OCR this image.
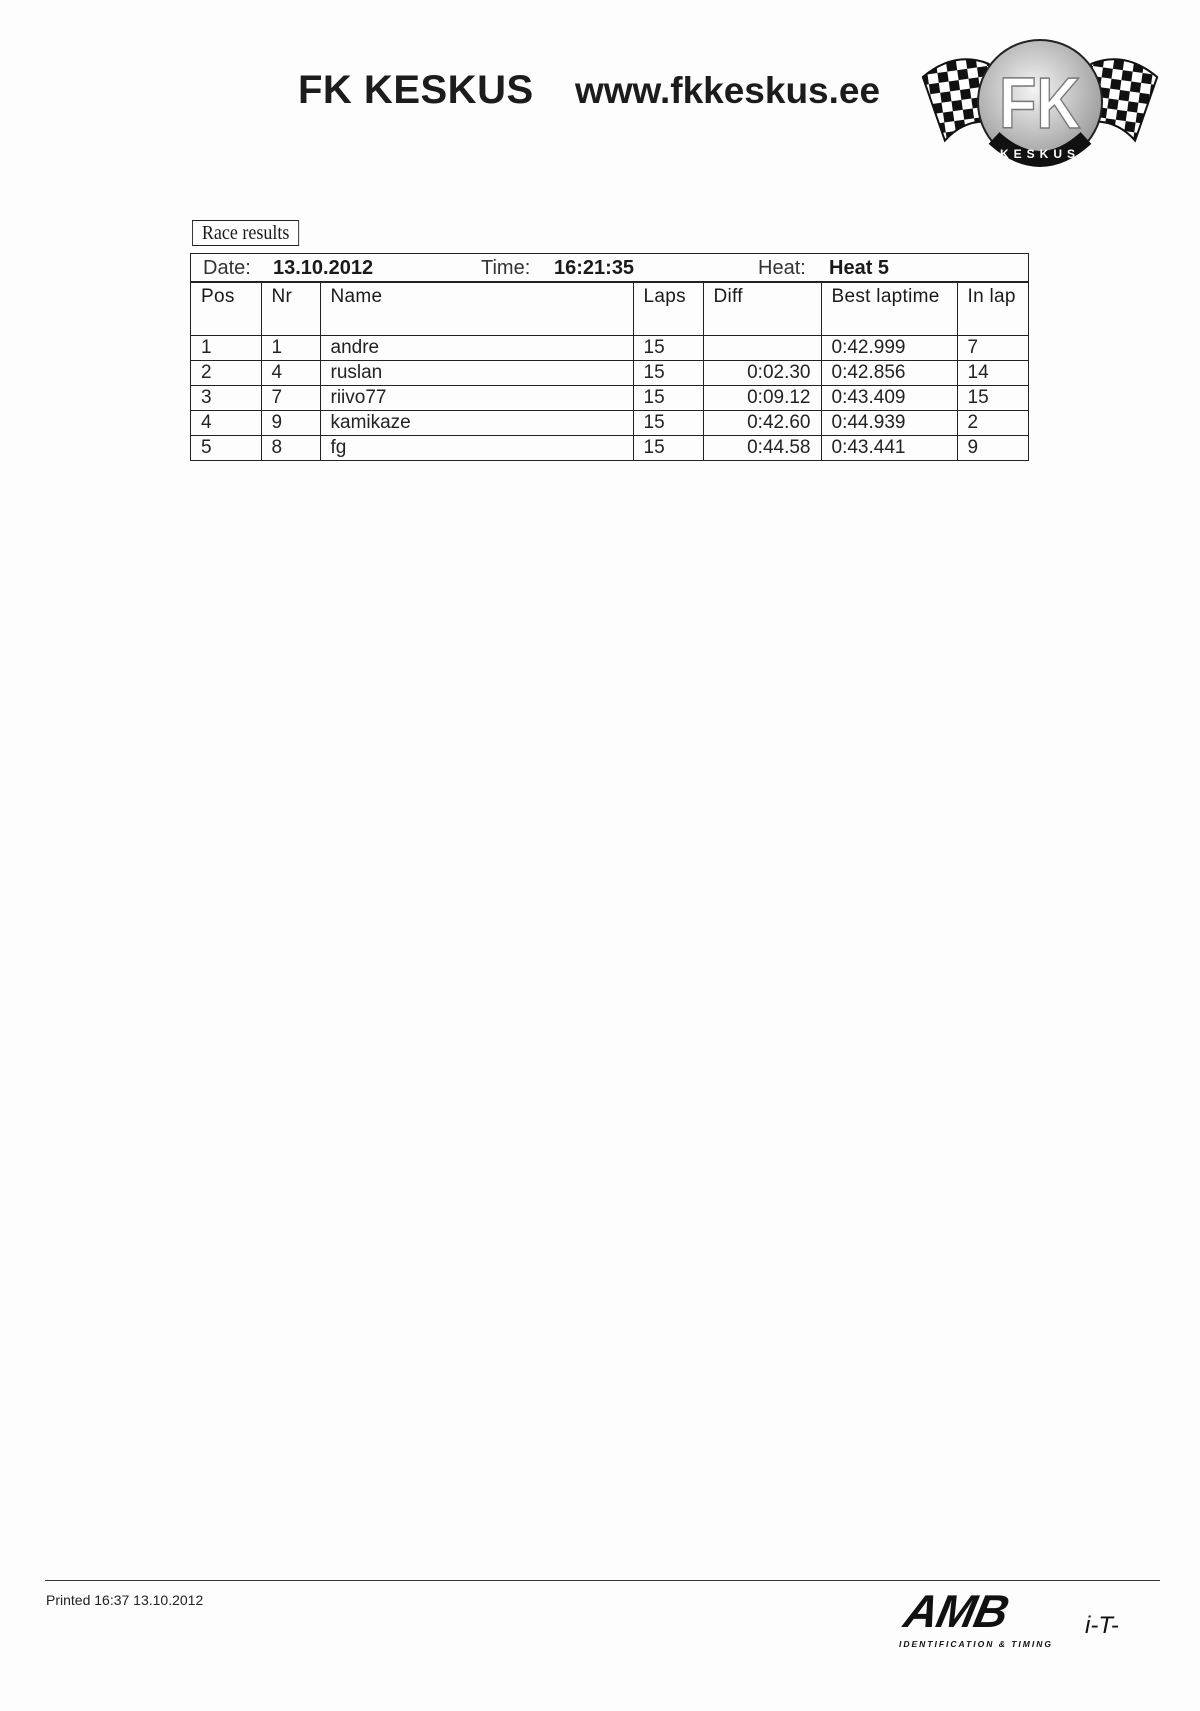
FK KESKUS www.fkkeskus.ee FK
KESKUS
Race results
Date: 13.10.2012	Time: 16:21:35	Heat: Heat 5
Pos	Nr	Name	Laps	Diff	Best laptime	In lap
1	1	andre	15		0:42.999	7
2	4	ruslan	15	0:02.30	0:42.856	14
3	7	riivo77	15	0:09.12	0:43.409	15
4	9	kamikaze	15	0:42.60	0:44.939	2
5	8	fg	15	0:44.58	0:43.441	9
Printed 16:37 13.10.2012	AMB	i-T-
IDENTIFICATION & TIMING
